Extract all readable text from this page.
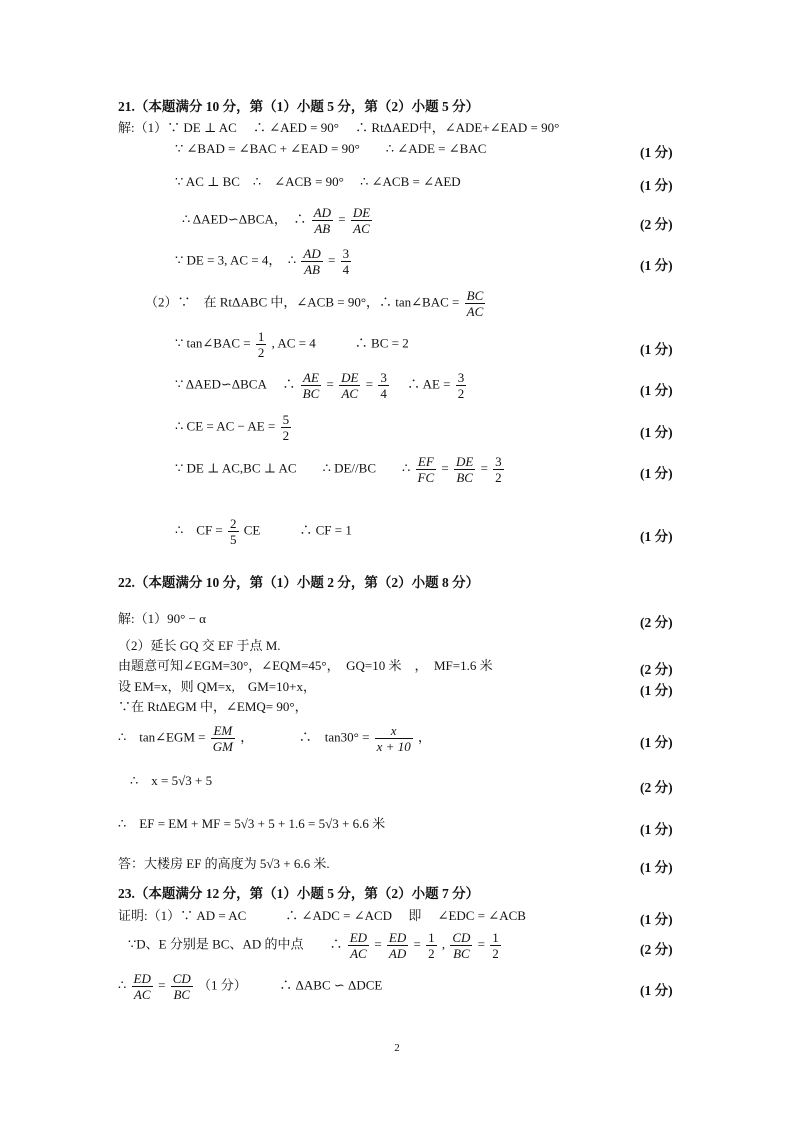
21.（本题满分 10 分，第（1）小题 5 分，第（2）小题 5 分）
解:（1）∵ DE ⊥ AC　 ∴ ∠AED = 90°　 ∴ RtΔAED中，∠ADE+∠EAD = 90°
∵ ∠BAD = ∠BAC + ∠EAD = 90°　　∴ ∠ADE = ∠BAC	(1 分)
∵ AC ⊥ BC　∴　∠ACB = 90°　 ∴ ∠ACB = ∠AED	(1 分)
∴ ΔAED∽ΔBCA，　∴ $\frac{AD}{AB} = \frac{DE}{AC}$	(2 分)
∵ DE = 3, AC = 4，　∴ $\frac{AD}{AB} = \frac{3}{4}$	(1 分)
（2）∵　在 RtΔABC 中，∠ACB = 90°，∴ tan∠BAC = $\frac{BC}{AC}$
∵ tan∠BAC = $\frac{1}{2}$ , AC = 4　　　∴ BC = 2	(1 分)
∵ ΔAED∽ΔBCA　 ∴ $\frac{AE}{BC} = \frac{DE}{AC} = \frac{3}{4}$ 　∴ AE = $\frac{3}{2}$	(1 分)
∴ CE = AC − AE = $\frac{5}{2}$	(1 分)
∵ DE ⊥ AC,BC ⊥ AC　　∴ DE//BC　　∴ $\frac{EF}{FC} = \frac{DE}{BC} = \frac{3}{2}$	(1 分)
∴　CF = $\frac{2}{5}$ CE　　　∴ CF = 1	(1 分)
22.（本题满分 10 分，第（1）小题 2 分，第（2）小题 8 分）
解:（1）90° − α	(2 分)
（2）延长 GQ 交 EF 于点 M.
由题意可知∠EGM=30°，∠EQM=45°，　GQ=10 米　，　MF=1.6 米	(2 分)
设 EM=x，则 QM=x,　GM=10+x，	(1 分)
∵在 RtΔEGM 中，∠EMQ= 90°，
∴　tan∠EGM = $\frac{EM}{GM}$ ，　　　　∴　$\tan 30^\circ = \frac{x}{x + 10}$ ，	(1 分)
∴　x = 5√3 + 5	(2 分)
∴　EF = EM + MF = 5√3 + 5 + 1.6 = 5√3 + 6.6 米	(1 分)
答：大楼房 EF 的高度为 5√3 + 6.6 米.	(1 分)
23.（本题满分 12 分，第（1）小题 5 分，第（2）小题 7 分）
证明:（1）∵ AD = AC　　　∴ ∠ADC = ∠ACD　 即　 ∠EDC = ∠ACB	(1 分)
∵D、E 分别是 BC、AD 的中点　　∴ $\frac{ED}{AC} = \frac{ED}{AD} = \frac{1}{2}$ , $\frac{CD}{BC} = \frac{1}{2}$	(2 分)
∴ $\frac{ED}{AC} = \frac{CD}{BC} (1$ 分）　　　∴ ΔABC ∽ ΔDCE	(1 分)
2
